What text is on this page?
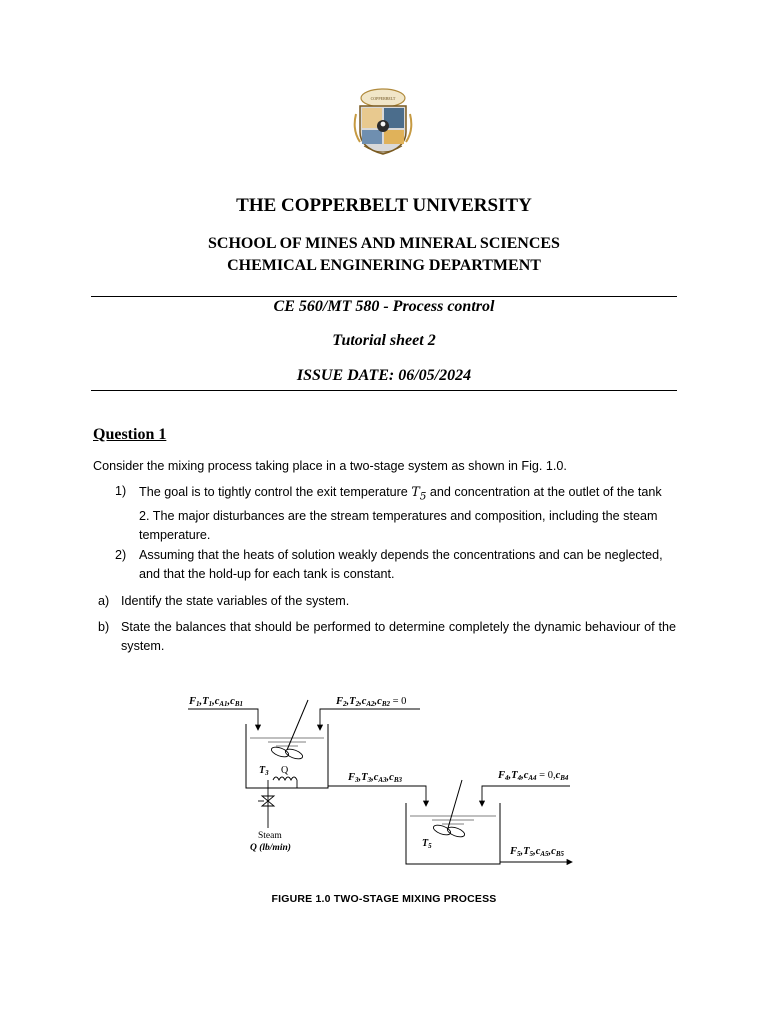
COPPERBELT
THE COPPERBELT UNIVERSITY
SCHOOL OF MINES AND MINERAL SCIENCES
CHEMICAL ENGINERING DEPARTMENT
CE 560/MT 580 - Process control
Tutorial sheet 2
ISSUE DATE: 06/05/2024
Question 1
Consider the mixing process taking place in a two-stage system as shown in Fig. 1.0.
1) The goal is to tightly control the exit temperature $T_5$ and concentration at the outlet of the tank 2. The major disturbances are the stream temperatures and composition, including the steam temperature.
2) Assuming that the heats of solution weakly depends the concentrations and can be neglected, and that the hold-up for each tank is constant.
a) Identify the state variables of the system.
b) State the balances that should be performed to determine completely the dynamic behaviour of the system.
F1,T1,cA1,cB1	F2,T2,cA2,cB2 = 0
$T_3$ Q
Steam
Q (lb/min)
F3,T3,cA3,cB3	F4,T4,cA4 = 0,cB4
$T_5$	F5,T5,cA5,cB5
FIGURE 1.0 TWO-STAGE MIXING PROCESS
